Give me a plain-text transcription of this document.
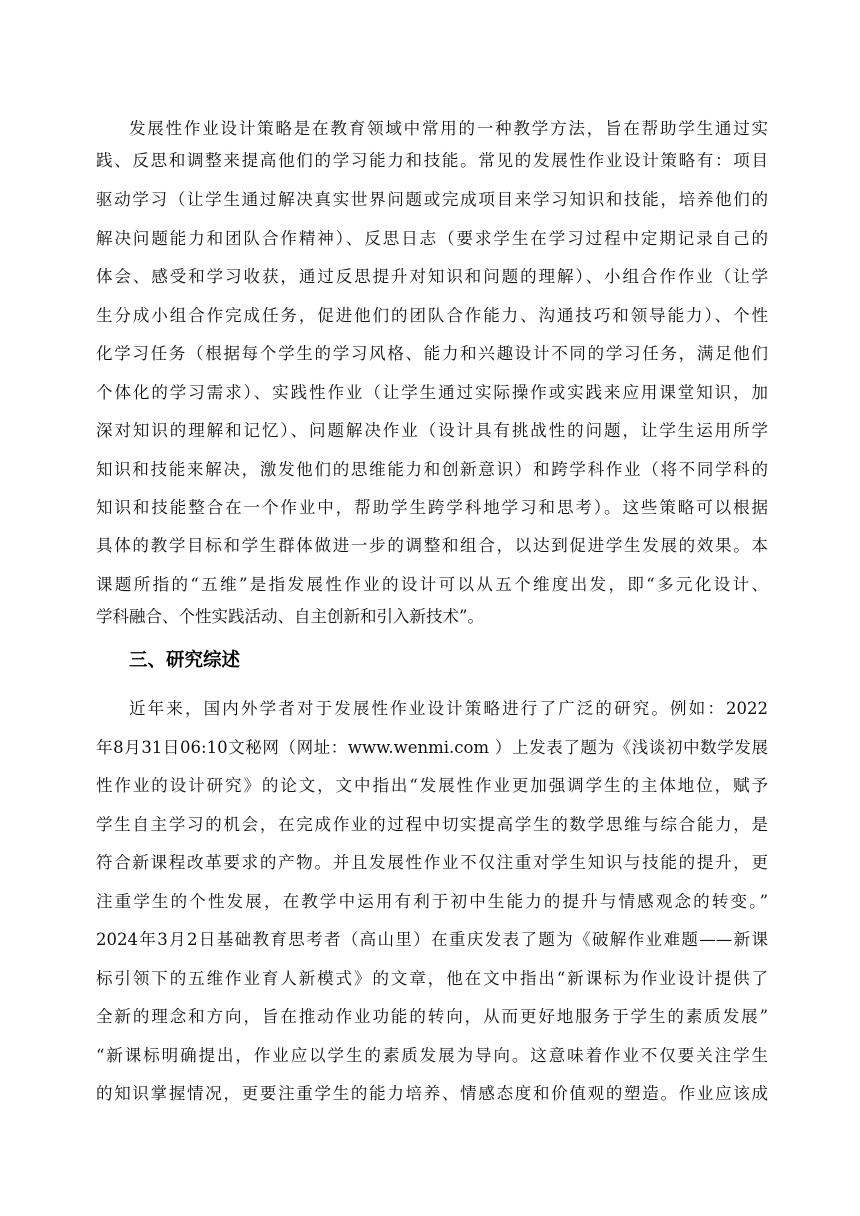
发展性作业设计策略是在教育领域中常用的一种教学方法，旨在帮助学生通过实
践、反思和调整来提高他们的学习能力和技能。常见的发展性作业设计策略有：项目
驱动学习（让学生通过解决真实世界问题或完成项目来学习知识和技能，培养他们的
解决问题能力和团队合作精神）、反思日志（要求学生在学习过程中定期记录自己的
体会、感受和学习收获，通过反思提升对知识和问题的理解）、小组合作作业（让学
生分成小组合作完成任务，促进他们的团队合作能力、沟通技巧和领导能力）、个性
化学习任务（根据每个学生的学习风格、能力和兴趣设计不同的学习任务，满足他们
个体化的学习需求）、实践性作业（让学生通过实际操作或实践来应用课堂知识，加
深对知识的理解和记忆）、问题解决作业（设计具有挑战性的问题，让学生运用所学
知识和技能来解决，激发他们的思维能力和创新意识）和跨学科作业（将不同学科的
知识和技能整合在一个作业中，帮助学生跨学科地学习和思考）。这些策略可以根据
具体的教学目标和学生群体做进一步的调整和组合，以达到促进学生发展的效果。本
课题所指的“五维”是指发展性作业的设计可以从五个维度出发，即“多元化设计、
学科融合、个性实践活动、自主创新和引入新技术”。
三、研究综述
近年来，国内外学者对于发展性作业设计策略进行了广泛的研究。例如：2022
年8月31日06:10文秘网（网址：www.wenmi.com ）上发表了题为《浅谈初中数学发展
性作业的设计研究》的论文，文中指出“发展性作业更加强调学生的主体地位，赋予
学生自主学习的机会，在完成作业的过程中切实提高学生的数学思维与综合能力，是
符合新课程改革要求的产物。并且发展性作业不仅注重对学生知识与技能的提升，更
注重学生的个性发展，在教学中运用有利于初中生能力的提升与情感观念的转变。”
2024年3月2日基础教育思考者（高山里）在重庆发表了题为《破解作业难题——新课
标引领下的五维作业育人新模式》的文章，他在文中指出“新课标为作业设计提供了
全新的理念和方向，旨在推动作业功能的转向，从而更好地服务于学生的素质发展”
“新课标明确提出，作业应以学生的素质发展为导向。这意味着作业不仅要关注学生
的知识掌握情况，更要注重学生的能力培养、情感态度和价值观的塑造。作业应该成
